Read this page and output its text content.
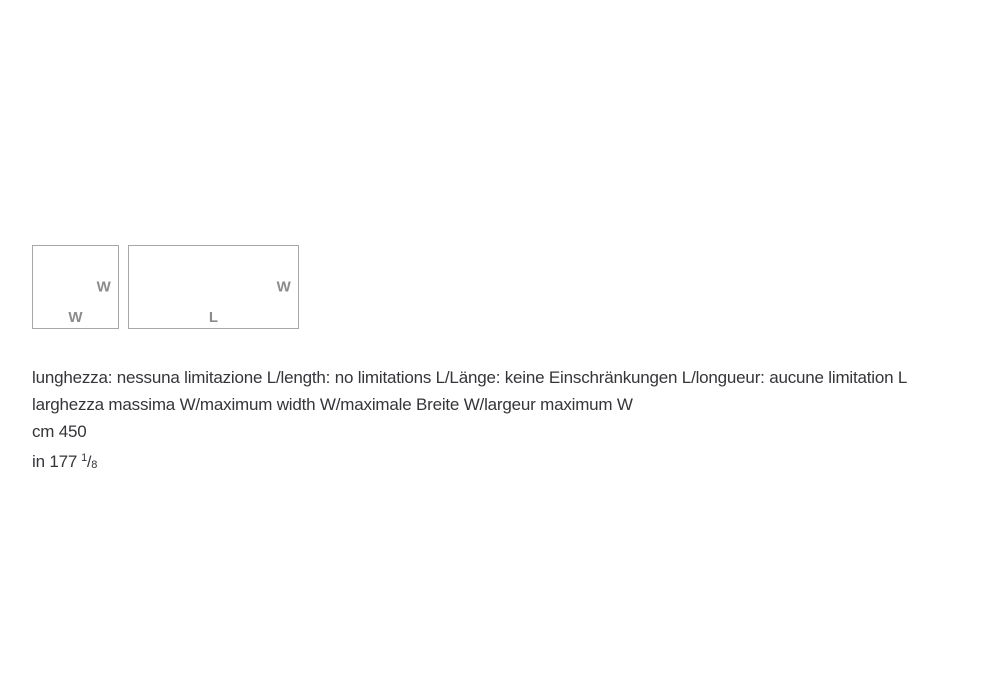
W
W
W
L
lunghezza: nessuna limitazione L/length: no limitations L/Länge: keine Einschränkungen L/longueur: aucune limitation L
larghezza massima W/maximum width W/maximale Breite W/largeur maximum W
cm 450
in 177 $^1$/8
